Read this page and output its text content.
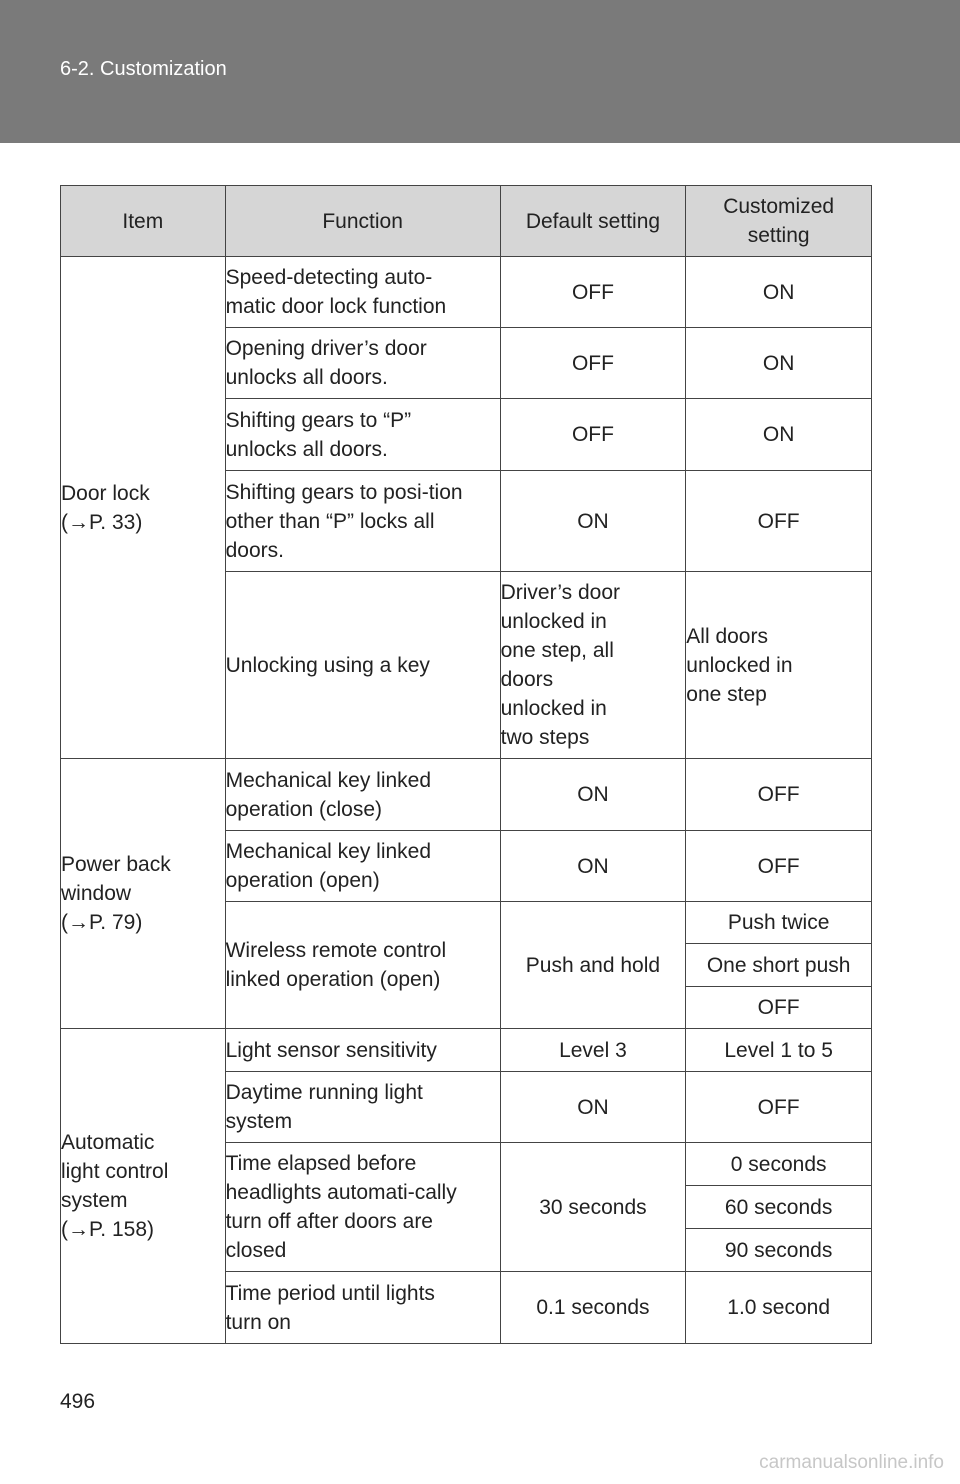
6-2. Customization
Item	Function	Default setting	Customized setting

Door lock
(→P. 33)	Speed-detecting auto-matic door lock function	OFF	ON

	Opening driver’s door unlocks all doors.	OFF	ON

	Shifting gears to “P” unlocks all doors.	OFF	ON

	Shifting gears to posi-tion other than “P” locks all doors.	ON	OFF
	Unlocking using a key	Driver’s door unlocked in one step, all doors unlocked in two steps	All doors unlocked in one step

Power back window
(→P. 79)	Mechanical key linked operation (close)	ON	OFF

	Mechanical key linked operation (open)	ON	OFF

	Wireless remote control linked operation (open)	Push and hold	Push twice
			One short push
			OFF

Automatic light control system
(→P. 158)	Light sensor sensitivity	Level 3	Level 1 to 5

	Daytime running light system	ON	OFF

	Time elapsed before headlights automati-cally turn off after doors are closed	30 seconds	0 seconds
			60 seconds
			90 seconds

	Time period until lights turn on	0.1 seconds	1.0 second
496
carmanualsonline.info
